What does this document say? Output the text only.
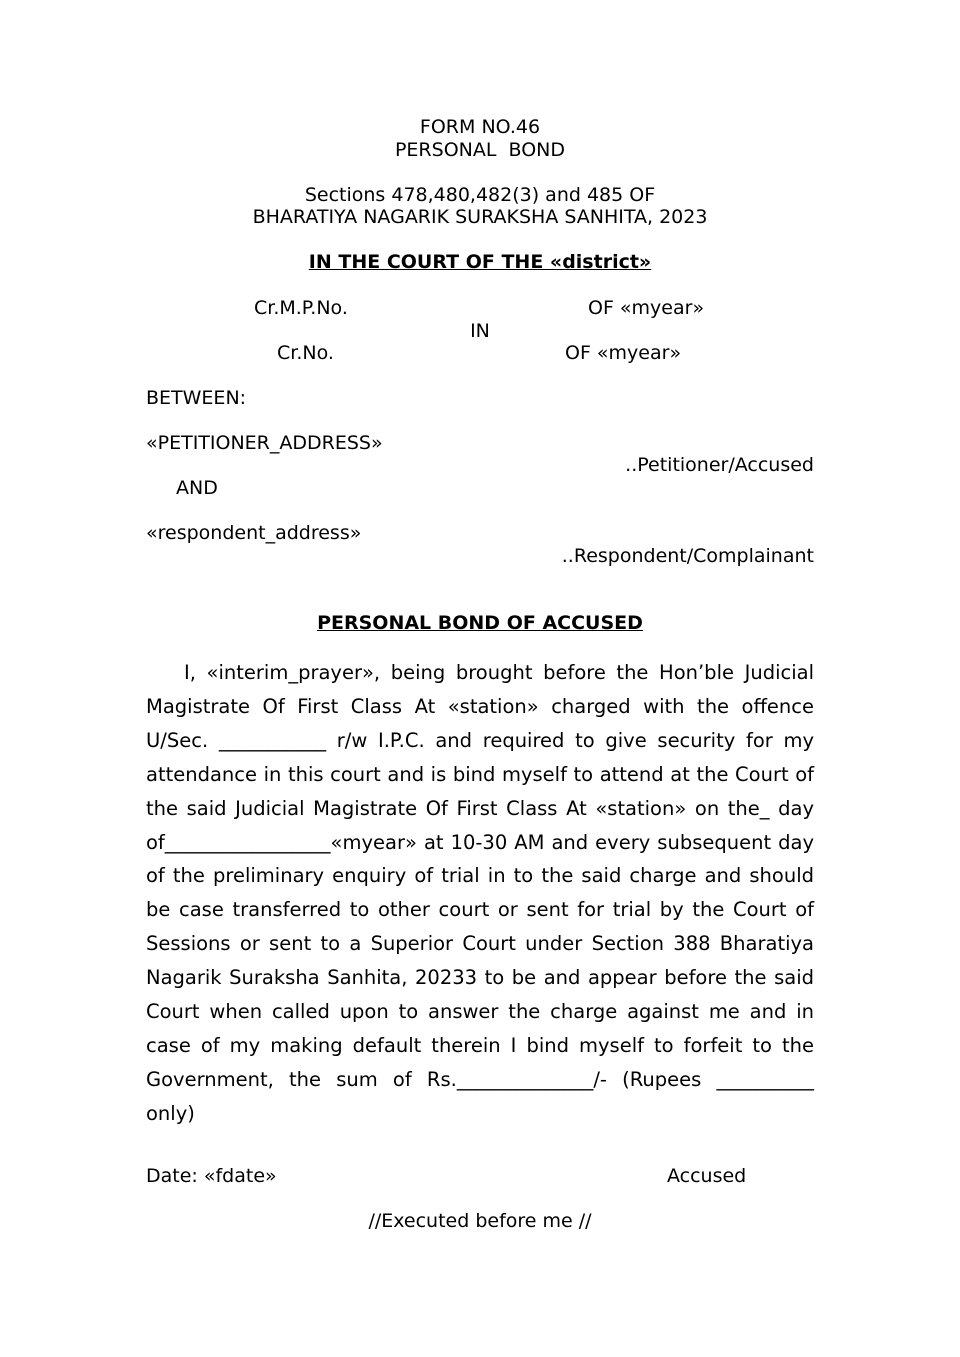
FORM NO.46
PERSONAL  BOND
Sections 478,480,482(3) and 485 OF
BHARATIYA NAGARIK SURAKSHA SANHITA, 2023
IN THE COURT OF THE «district»
Cr.M.P.No.	OF «myear»
IN
Cr.No.	OF «myear»
BETWEEN:
«PETITIONER_ADDRESS»
..Petitioner/Accused
AND
«respondent_address»
..Respondent/Complainant
PERSONAL BOND OF ACCUSED
I, «interim_prayer», being brought before the Hon’ble Judicial Magistrate Of First Class At «station» charged with the offence U/Sec. ___________ r/w I.P.C. and required to give security for my attendance in this court and is bind myself to attend at the Court of the said Judicial Magistrate Of First Class At «station» on the_ day of_________________«myear» at 10-30 AM and every subsequent day of the preliminary enquiry of trial in to the said charge and should be case transferred to other court or sent for trial by the Court of Sessions or sent to a Superior Court under Section 388 Bharatiya Nagarik Suraksha Sanhita, 20233 to be and appear before the said Court when called upon to answer the charge against me and in case of my making default therein I bind myself to forfeit to the Government, the sum of Rs.______________/- (Rupees __________ only)
Date: «fdate»	Accused
//Executed before me //
